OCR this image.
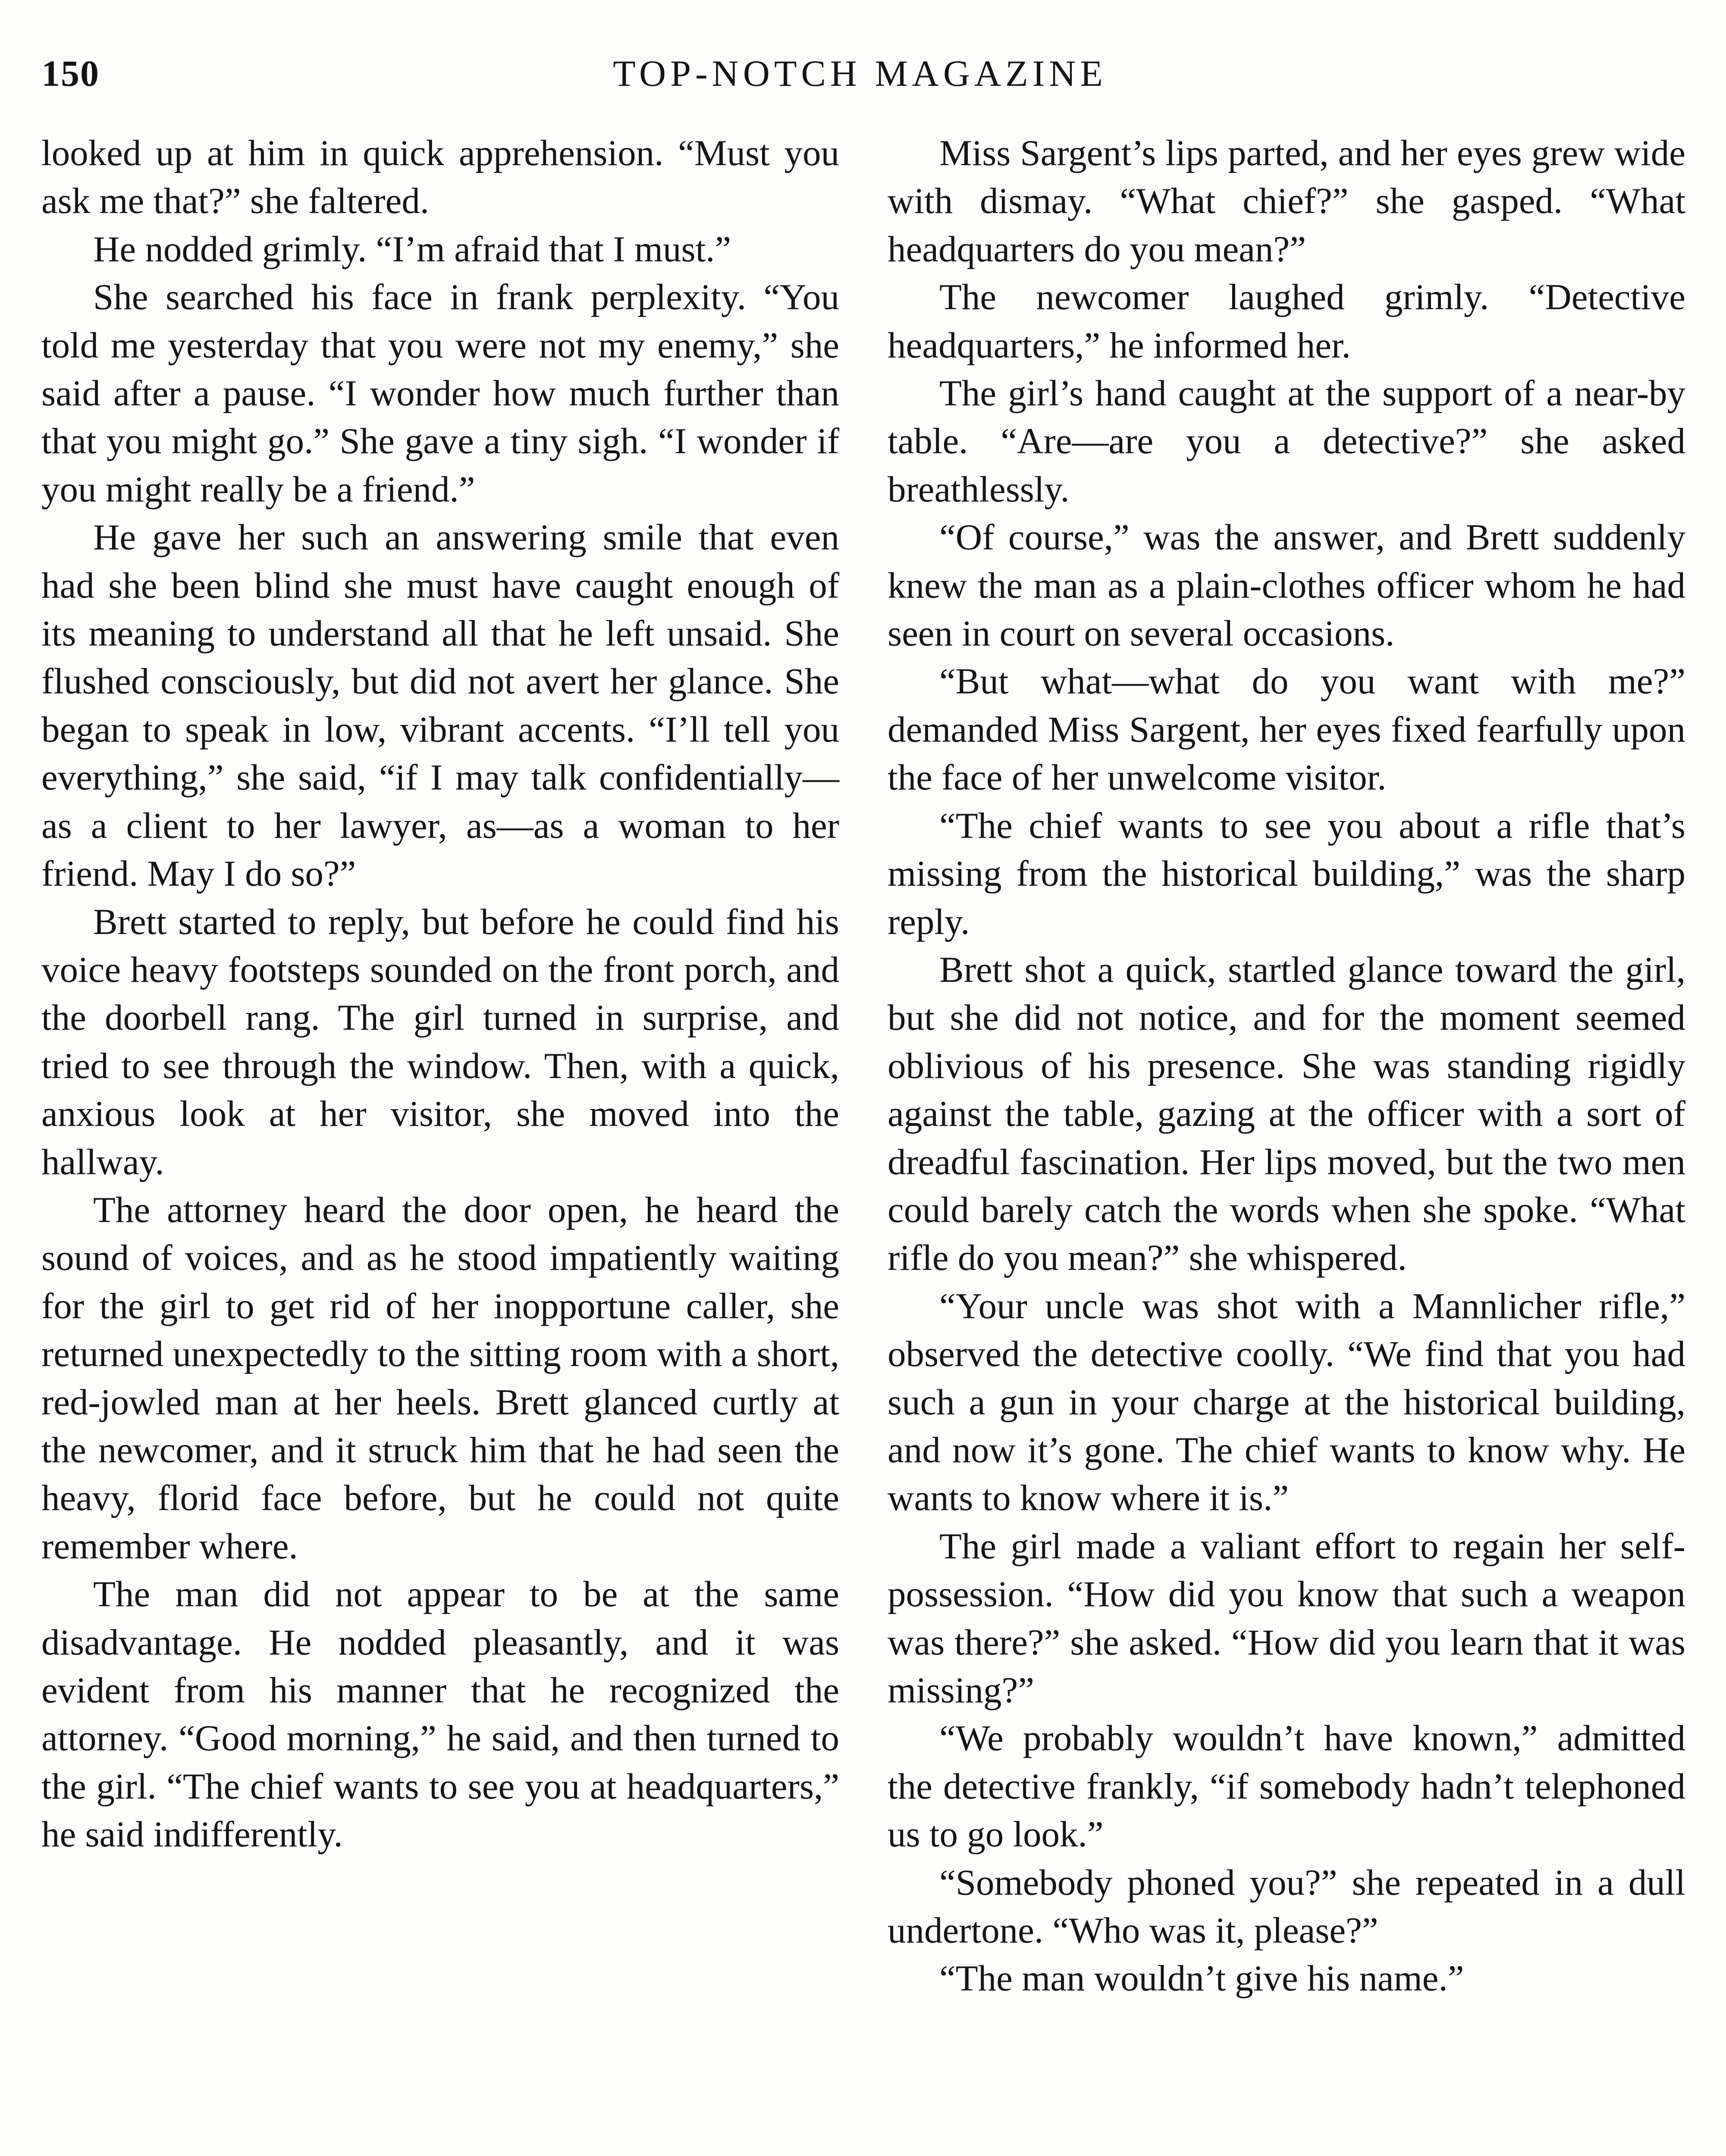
150	TOP-NOTCH MAGAZINE

looked up at him in quick apprehension. “Must you ask me that?” she faltered.

He nodded grimly. “I’m afraid that I must.”

She searched his face in frank perplexity. “You told me yesterday that you were not my enemy,” she said after a pause. “I wonder how much further than that you might go.” She gave a tiny sigh. “I wonder if you might really be a friend.”

He gave her such an answering smile that even had she been blind she must have caught enough of its meaning to understand all that he left unsaid. She flushed consciously, but did not avert her glance. She began to speak in low, vibrant accents. “I’ll tell you everything,” she said, “if I may talk confidentially—as a client to her lawyer, as—as a woman to her friend. May I do so?”

Brett started to reply, but before he could find his voice heavy footsteps sounded on the front porch, and the doorbell rang. The girl turned in surprise, and tried to see through the window. Then, with a quick, anxious look at her visitor, she moved into the hallway.

The attorney heard the door open, he heard the sound of voices, and as he stood impatiently waiting for the girl to get rid of her inopportune caller, she returned unexpectedly to the sitting room with a short, red-jowled man at her heels. Brett glanced curtly at the newcomer, and it struck him that he had seen the heavy, florid face before, but he could not quite remember where.

The man did not appear to be at the same disadvantage. He nodded pleasantly, and it was evident from his manner that he recognized the attorney. “Good morning,” he said, and then turned to the girl. “The chief wants to see you at headquarters,” he said indifferently.

Miss Sargent’s lips parted, and her eyes grew wide with dismay. “What chief?” she gasped. “What headquarters do you mean?”

The newcomer laughed grimly. “Detective headquarters,” he informed her.

The girl’s hand caught at the support of a near-by table. “Are—are you a detective?” she asked breathlessly.

“Of course,” was the answer, and Brett suddenly knew the man as a plain-clothes officer whom he had seen in court on several occasions.

“But what—what do you want with me?” demanded Miss Sargent, her eyes fixed fearfully upon the face of her unwelcome visitor.

“The chief wants to see you about a rifle that’s missing from the historical building,” was the sharp reply.

Brett shot a quick, startled glance toward the girl, but she did not notice, and for the moment seemed oblivious of his presence. She was standing rigidly against the table, gazing at the officer with a sort of dreadful fascination. Her lips moved, but the two men could barely catch the words when she spoke. “What rifle do you mean?” she whispered.

“Your uncle was shot with a Mannlicher rifle,” observed the detective coolly. “We find that you had such a gun in your charge at the historical building, and now it’s gone. The chief wants to know why. He wants to know where it is.”

The girl made a valiant effort to regain her self-possession. “How did you know that such a weapon was there?” she asked. “How did you learn that it was missing?”

“We probably wouldn’t have known,” admitted the detective frankly, “if somebody hadn’t telephoned us to go look.”

“Somebody phoned you?” she repeated in a dull undertone. “Who was it, please?”

“The man wouldn’t give his name.”
